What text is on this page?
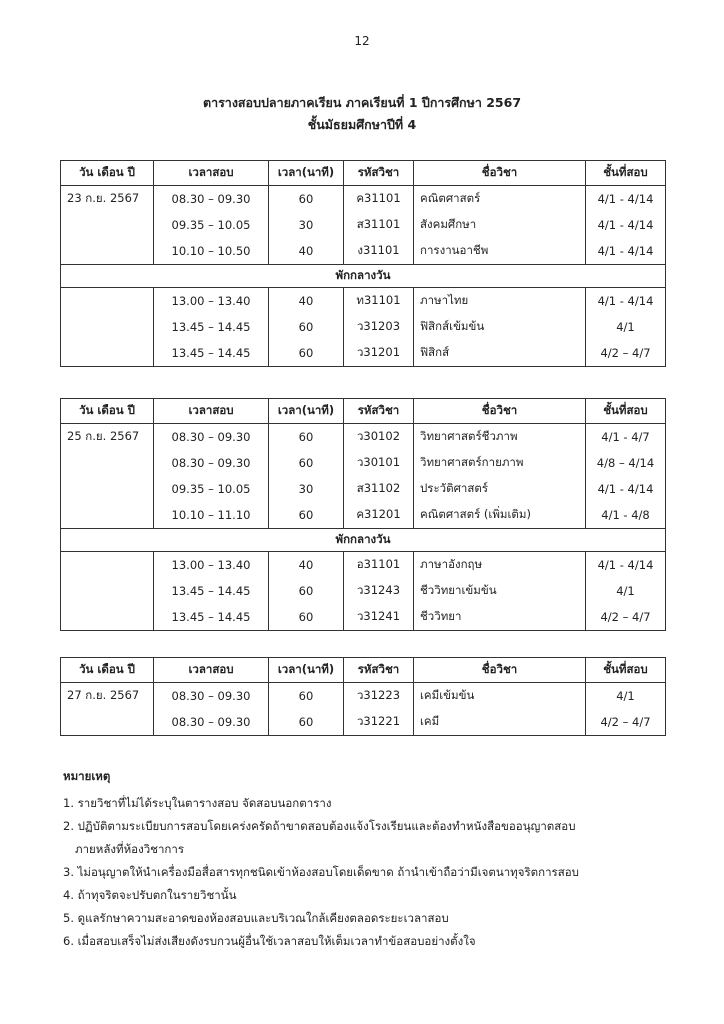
12
ตารางสอบปลายภาคเรียน ภาคเรียนที่ 1 ปีการศึกษา 2567
ชั้นมัธยมศึกษาปีที่ 4
วัน เดือน ปี	เวลาสอบ	เวลา(นาที)	รหัสวิชา	ชื่อวิชา	ชั้นที่สอบ
23 ก.ย. 2567	08.30 – 09.30	60	ค31101	คณิตศาสตร์	4/1 - 4/14
	09.35 – 10.05	30	ส31101	สังคมศึกษา	4/1 - 4/14
	10.10 – 10.50	40	ง31101	การงานอาชีพ	4/1 - 4/14
พักกลางวัน					
	13.00 – 13.40	40	ท31101	ภาษาไทย	4/1 - 4/14
	13.45 – 14.45	60	ว31203	ฟิสิกส์เข้มข้น	4/1
	13.45 – 14.45	60	ว31201	ฟิสิกส์	4/2 – 4/7
วัน เดือน ปี	เวลาสอบ	เวลา(นาที)	รหัสวิชา	ชื่อวิชา	ชั้นที่สอบ
25 ก.ย. 2567	08.30 – 09.30	60	ว30102	วิทยาศาสตร์ชีวภาพ	4/1 - 4/7
	08.30 – 09.30	60	ว30101	วิทยาศาสตร์กายภาพ	4/8 – 4/14
	09.35 – 10.05	30	ส31102	ประวัติศาสตร์	4/1 - 4/14
	10.10 – 11.10	60	ค31201	คณิตศาสตร์ (เพิ่มเติม)	4/1 - 4/8
พักกลางวัน					
	13.00 – 13.40	40	อ31101	ภาษาอังกฤษ	4/1 - 4/14
	13.45 – 14.45	60	ว31243	ชีววิทยาเข้มข้น	4/1
	13.45 – 14.45	60	ว31241	ชีววิทยา	4/2 – 4/7
วัน เดือน ปี	เวลาสอบ	เวลา(นาที)	รหัสวิชา	ชื่อวิชา	ชั้นที่สอบ
27 ก.ย. 2567	08.30 – 09.30	60	ว31223	เคมีเข้มข้น	4/1
	08.30 – 09.30	60	ว31221	เคมี	4/2 – 4/7
หมายเหตุ

1. รายวิชาที่ไม่ได้ระบุในตารางสอบ จัดสอบนอกตาราง

2. ปฏิบัติตามระเบียบการสอบโดยเคร่งครัดถ้าขาดสอบต้องแจ้งโรงเรียนและต้องทำหนังสือขออนุญาตสอบ

ภายหลังที่ห้องวิชาการ

3. ไม่อนุญาตให้นำเครื่องมือสื่อสารทุกชนิดเข้าห้องสอบโดยเด็ดขาด ถ้านำเข้าถือว่ามีเจตนาทุจริตการสอบ

4. ถ้าทุจริตจะปรับตกในรายวิชานั้น

5. ดูแลรักษาความสะอาดของห้องสอบและบริเวณใกล้เคียงตลอดระยะเวลาสอบ

6. เมื่อสอบเสร็จไม่ส่งเสียงดังรบกวนผู้อื่นใช้เวลาสอบให้เต็มเวลาทำข้อสอบอย่างตั้งใจ
